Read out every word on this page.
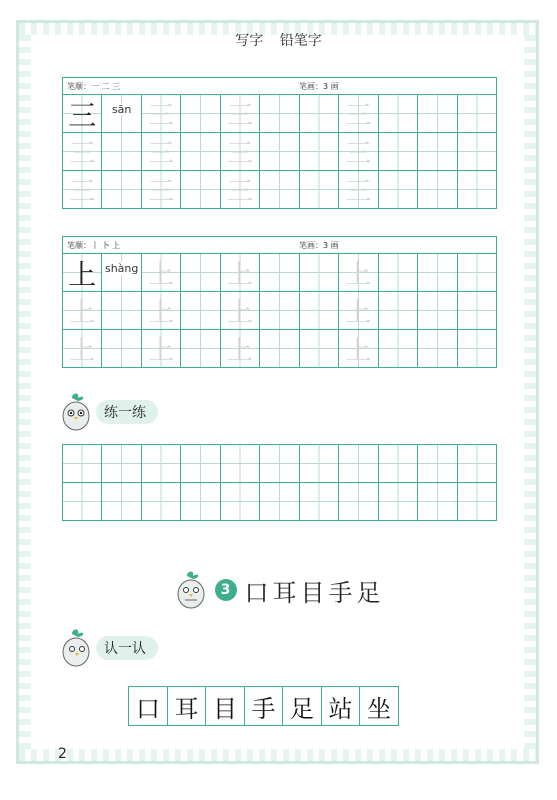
写字 铅笔字
笔顺：一 二 三	笔画：3 画
三	sān 三 三	三
三 三 三	三
三 三 三	三
笔顺：丨 卜 上	笔画：3 画
上 shàng 上 上	上
上 上 上	上
上 上 上	上
练一练
3 口耳目手足
认一认
口 耳 目 手 足 站 坐
2
